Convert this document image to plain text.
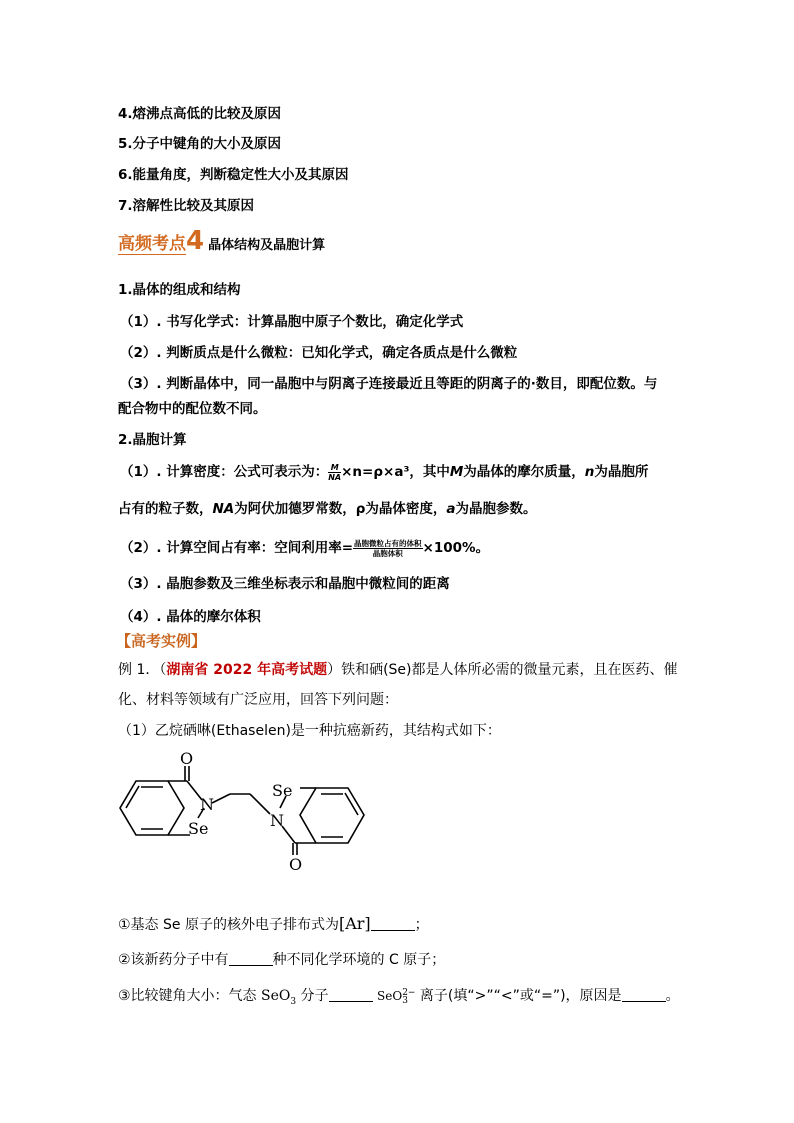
4.熔沸点高低的比较及原因
5.分子中键角的大小及原因
6.能量角度，判断稳定性大小及其原因
7.溶解性比较及其原因
高频考点4 晶体结构及晶胞计算
1.晶体的组成和结构
（1）. 书写化学式：计算晶胞中原子个数比，确定化学式
（2）. 判断质点是什么微粒：已知化学式，确定各质点是什么微粒
（3）. 判断晶体中，同一晶胞中与阴离子连接最近且等距的阴离子的·数目，即配位数。与
配合物中的配位数不同。
2.晶胞计算
（1）. 计算密度：公式可表示为： $\frac{M}{NA} \times n=\rho\times a^3$，其中M为晶体的摩尔质量，n为晶胞所
占有的粒子数，NA为阿伏加德罗常数，ρ为晶体密度，a为晶胞参数。
（2）. 计算空间占有率：空间利用率= $\frac{\text{晶胞微粒占有的体积}}{\text{晶胞体积}} \times 100\%$。
（3）. 晶胞参数及三维坐标表示和晶胞中微粒间的距离
（4）. 晶体的摩尔体积
【高考实例】
例 1．（湖南省 2022 年高考试题）铁和硒(Se)都是人体所必需的微量元素，且在医药、催
化、材料等领域有广泛应用，回答下列问题：
（1）乙烷硒啉(Ethaselen)是一种抗癌新药，其结构式如下：
O
N
Se
Se
N
O
①基态 Se 原子的核外电子排布式为[Ar]	；
②该新药分子中有	种不同化学环境的 C 原子；
③比较键角大小：气态 SeO$_3$ 分子	SeO 2−
3 离子(填“>”“<”或“=”)，原因是	。
